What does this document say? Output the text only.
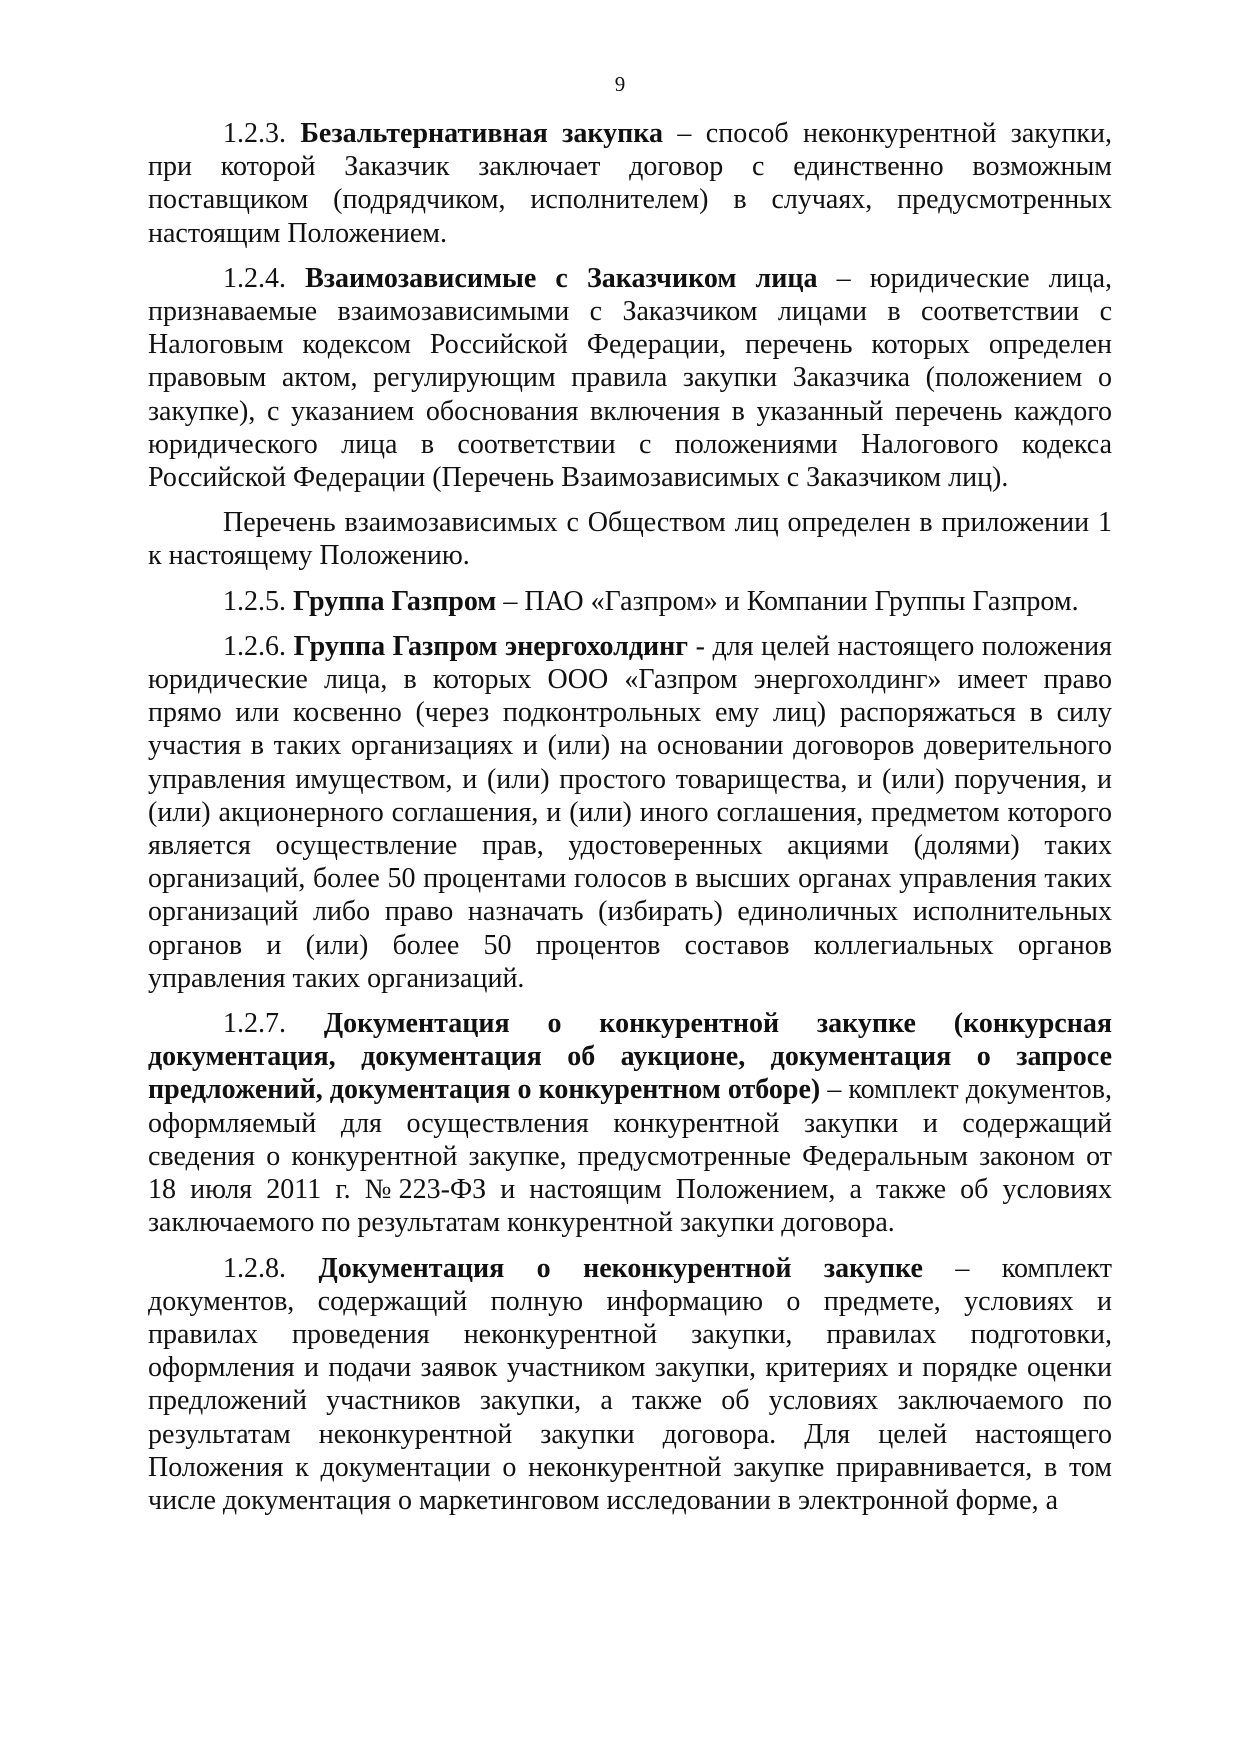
9

1.2.3. Безальтернативная закупка – способ неконкурентной закупки, при которой Заказчик заключает договор с единственно возможным поставщиком (подрядчиком, исполнителем) в случаях, предусмотренных настоящим Положением.

1.2.4. Взаимозависимые с Заказчиком лица – юридические лица, признаваемые взаимозависимыми с Заказчиком лицами в соответствии с Налоговым кодексом Российской Федерации, перечень которых определен правовым актом, регулирующим правила закупки Заказчика (положением о закупке), с указанием обоснования включения в указанный перечень каждого юридического лица в соответствии с положениями Налогового кодекса Российской Федерации (Перечень Взаимозависимых с Заказчиком лиц).

Перечень взаимозависимых с Обществом лиц определен в приложении 1 к настоящему Положению.

1.2.5. Группа Газпром – ПАО «Газпром» и Компании Группы Газпром.

1.2.6. Группа Газпром энергохолдинг - для целей настоящего положения юридические лица, в которых ООО «Газпром энергохолдинг» имеет право прямо или косвенно (через подконтрольных ему лиц) распоряжаться в силу участия в таких организациях и (или) на основании договоров доверительного управления имуществом, и (или) простого товарищества, и (или) поручения, и (или) акционерного соглашения, и (или) иного соглашения, предметом которого является осуществление прав, удостоверенных акциями (долями) таких организаций, более 50 процентами голосов в высших органах управления таких организаций либо право назначать (избирать) единоличных исполнительных органов и (или) более 50 процентов составов коллегиальных органов управления таких организаций.

1.2.7. Документация о конкурентной закупке (конкурсная документация, документация об аукционе, документация о запросе предложений, документация о конкурентном отборе) – комплект документов, оформляемый для осуществления конкурентной закупки и содержащий сведения о конкурентной закупке, предусмотренные Федеральным законом от 18 июля 2011 г. №223-ФЗ и настоящим Положением, а также об условиях заключаемого по результатам конкурентной закупки договора.

1.2.8. Документация о неконкурентной закупке – комплект документов, содержащий полную информацию о предмете, условиях и правилах проведения неконкурентной закупки, правилах подготовки, оформления и подачи заявок участником закупки, критериях и порядке оценки предложений участников закупки, а также об условиях заключаемого по результатам неконкурентной закупки договора. Для целей настоящего Положения к документации о неконкурентной закупке приравнивается, в том числе документация о маркетинговом исследовании в электронной форме, а
